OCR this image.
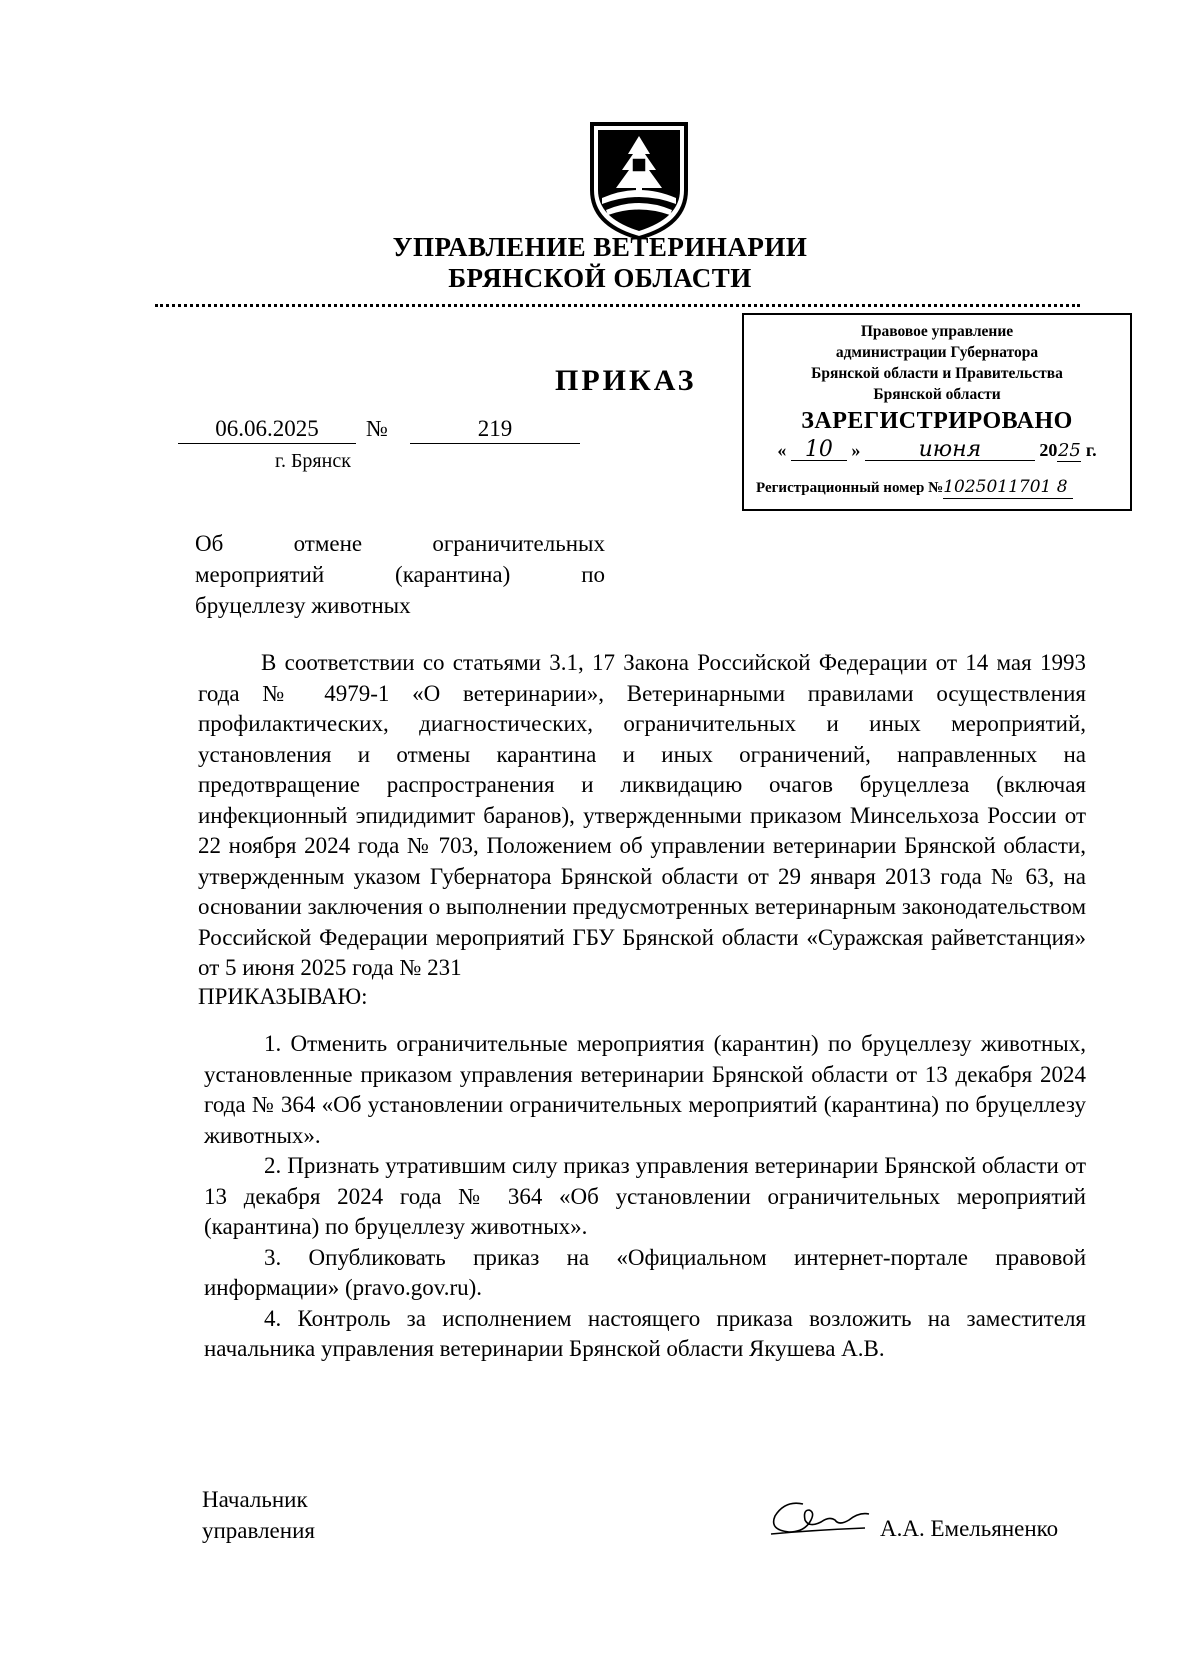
УПРАВЛЕНИЕ ВЕТЕРИНАРИИ
БРЯНСКОЙ ОБЛАСТИ
ПРИКАЗ
06.06.2025	№	219
г. Брянск
Правовое управление
администрации Губернатора
Брянской области и Правительства
Брянской области
ЗАРЕГИСТРИРОВАНО
« 10 »	июня	2025 г.
Регистрационный номер №1025011701 8

Об отмене ограничительных

мероприятий (карантина) по

бруцеллезу животных

В соответствии со статьями 3.1, 17 Закона Российской Федерации от 14 мая 1993 года № 4979-1 «О ветеринарии», Ветеринарными правилами осуществления профилактических, диагностических, ограничительных и иных мероприятий, установления и отмены карантина и иных ограничений, направленных на предотвращение распространения и ликвидацию очагов бруцеллеза (включая инфекционный эпидидимит баранов), утвержденными приказом Минсельхоза России от 22 ноября 2024 года № 703, Положением об управлении ветеринарии Брянской области, утвержденным указом Губернатора Брянской области от 29 января 2013 года № 63, на основании заключения о выполнении предусмотренных ветеринарным законодательством Российской Федерации мероприятий ГБУ Брянской области «Суражская райветстанция» от 5 июня 2025 года № 231

ПРИКАЗЫВАЮ:

1. Отменить ограничительные мероприятия (карантин) по бруцеллезу животных, установленные приказом управления ветеринарии Брянской области от 13 декабря 2024 года № 364 «Об установлении ограничительных мероприятий (карантина) по бруцеллезу животных».

2. Признать утратившим силу приказ управления ветеринарии Брянской области от 13 декабря 2024 года № 364 «Об установлении ограничительных мероприятий (карантина) по бруцеллезу животных».

3. Опубликовать приказ на «Официальном интернет-портале правовой информации» (pravo.gov.ru).

4. Контроль за исполнением настоящего приказа возложить на заместителя начальника управления ветеринарии Брянской области Якушева А.В.

Начальник
управления	А.А. Емельяненко
